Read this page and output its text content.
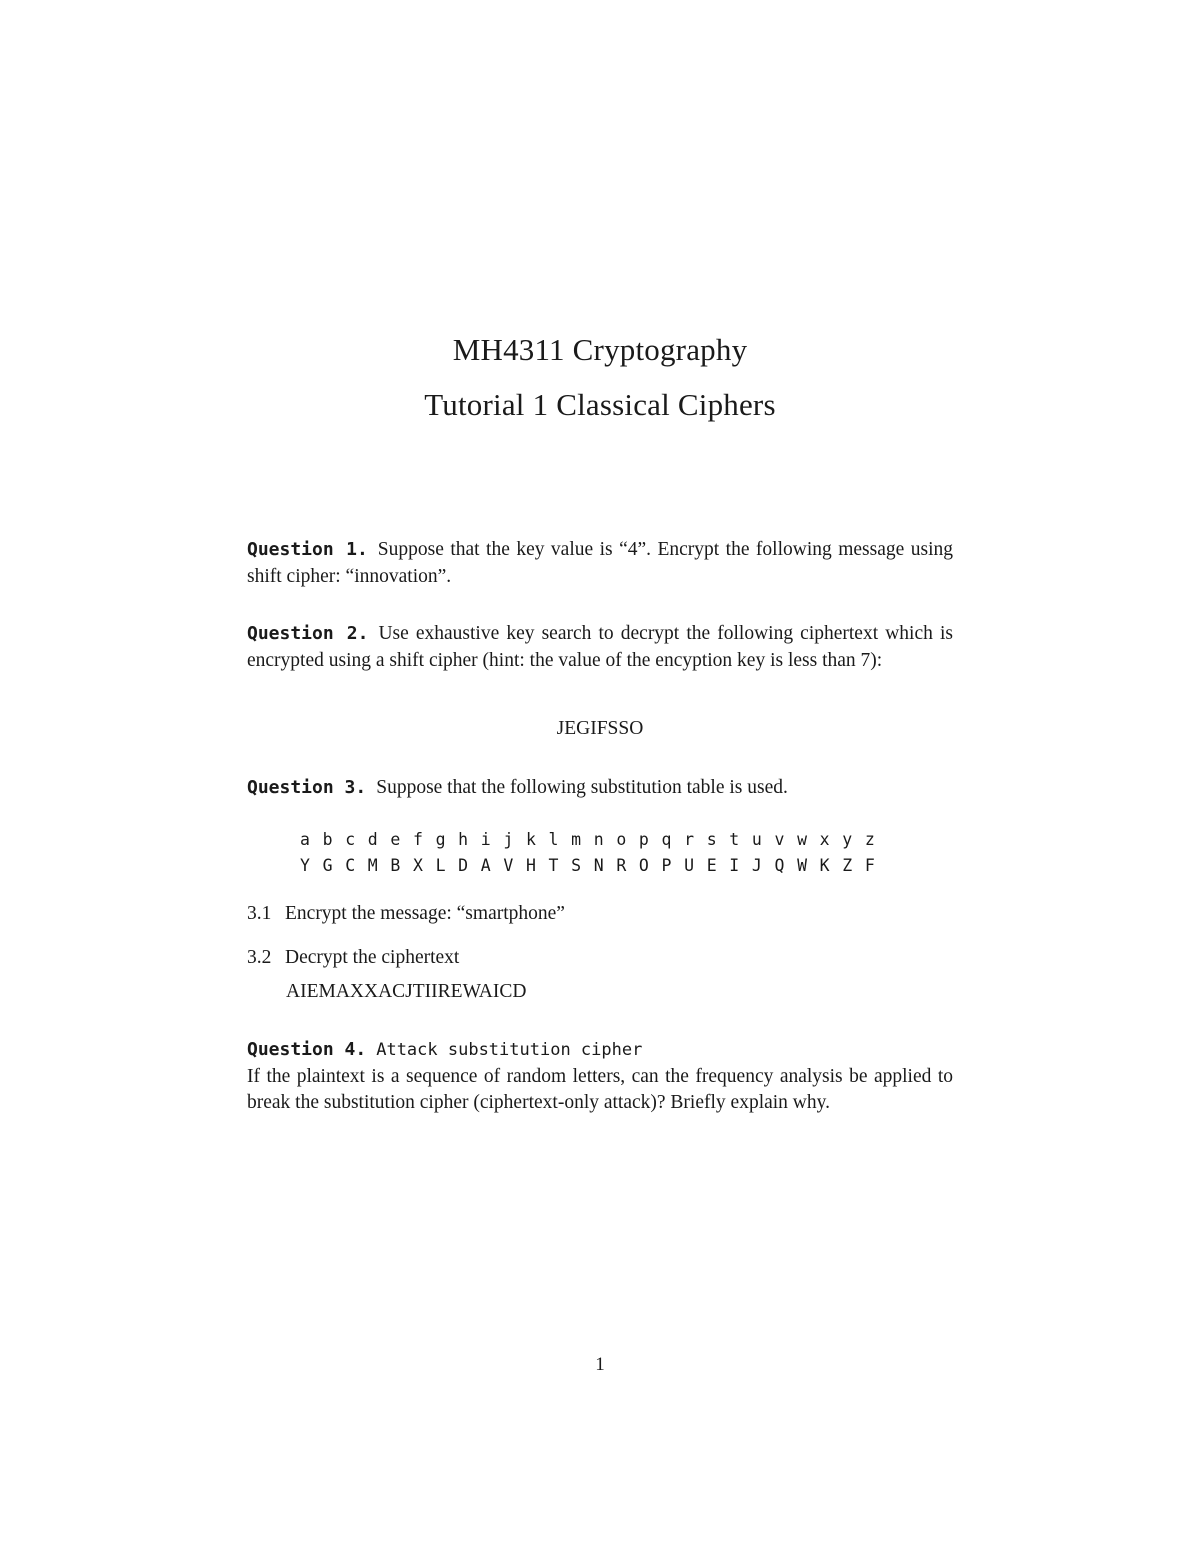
MH4311 Cryptography
Tutorial 1 Classical Ciphers
Question 1. Suppose that the key value is “4”. Encrypt the following message using shift cipher: “innovation”.
Question 2. Use exhaustive key search to decrypt the following ciphertext which is encrypted using a shift cipher (hint: the value of the encyption key is less than 7):
JEGIFSSO
Question 3. Suppose that the following substitution table is used.
a b c d e f g h i j k l m n o p q r s t u v w x y z
Y G C M B X L D A V H T S N R O P U E I J Q W K Z F
3.1 Encrypt the message: “smartphone”
3.2 Decrypt the ciphertext
AIEMAXXACJTIIREWAICD
Question 4. Attack substitution cipher
If the plaintext is a sequence of random letters, can the frequency analysis be applied to break the substitution cipher (ciphertext-only attack)? Briefly explain why.
1
